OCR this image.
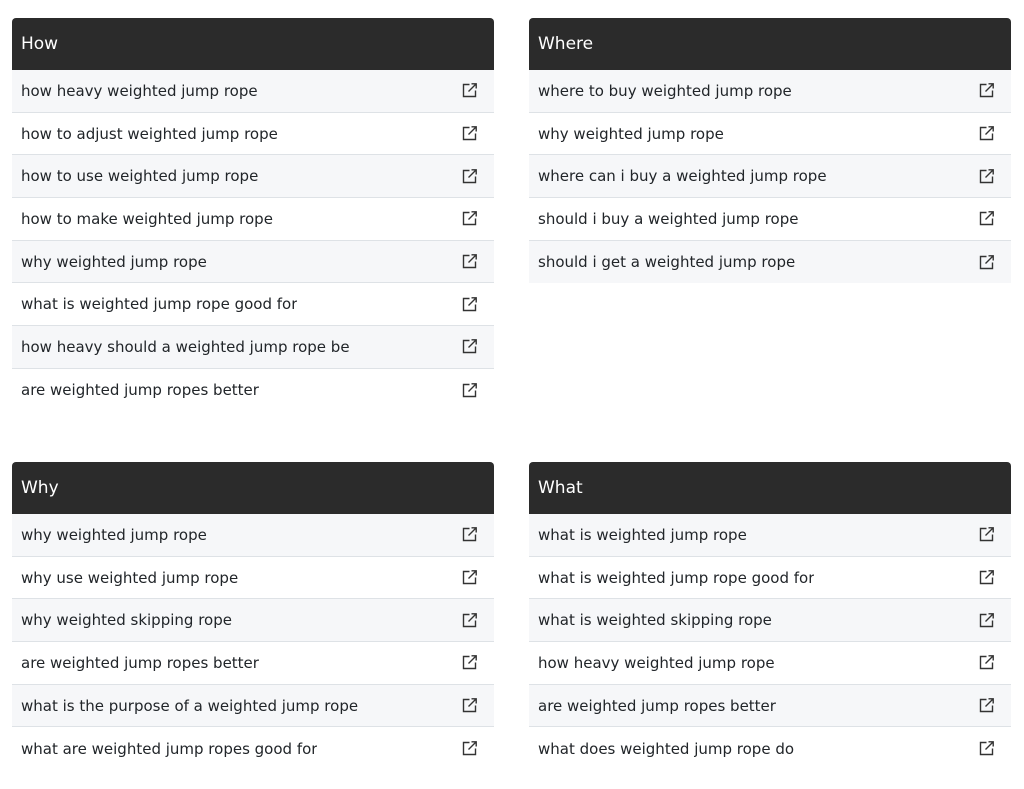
How
how heavy weighted jump rope
how to adjust weighted jump rope
how to use weighted jump rope
how to make weighted jump rope
why weighted jump rope
what is weighted jump rope good for
how heavy should a weighted jump rope be
are weighted jump ropes better
Where
where to buy weighted jump rope
why weighted jump rope
where can i buy a weighted jump rope
should i buy a weighted jump rope
should i get a weighted jump rope
Why
why weighted jump rope
why use weighted jump rope
why weighted skipping rope
are weighted jump ropes better
what is the purpose of a weighted jump rope
what are weighted jump ropes good for
What
what is weighted jump rope
what is weighted jump rope good for
what is weighted skipping rope
how heavy weighted jump rope
are weighted jump ropes better
what does weighted jump rope do
